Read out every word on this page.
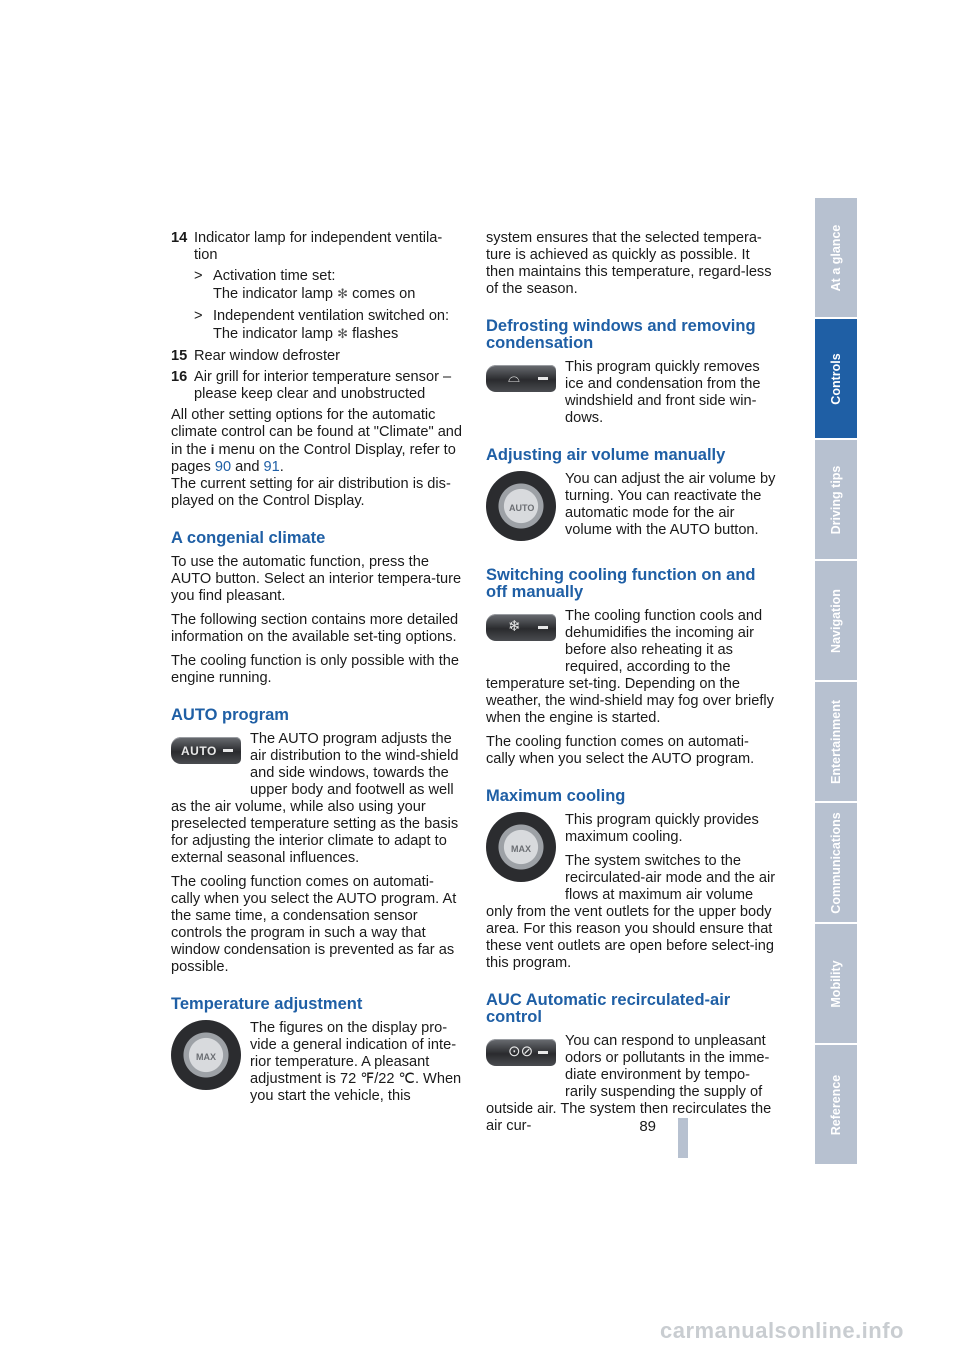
14 Indicator lamp for independent ventila-tion
> Activation time set:
The indicator lamp ✻ comes on
> Independent ventilation switched on:
The indicator lamp ✻ flashes
15 Rear window defroster
16 Air grill for interior temperature sensor – please keep clear and unobstructed

All other setting options for the automatic climate control can be found at "Climate" and in the i menu on the Control Display, refer to pages 90 and 91.
The current setting for air distribution is dis-played on the Control Display.

A congenial climate

To use the automatic function, press the AUTO button. Select an interior tempera-ture you find pleasant.

The following section contains more detailed information on the available set-ting options.

The cooling function is only possible with the engine running.

AUTO program
AUTO

The AUTO program adjusts the air distribution to the wind-shield and side windows, towards the upper body and footwell as well as the air volume, while also using your preselected temperature setting as the basis for adjusting the interior climate to adapt to external seasonal influences.

The cooling function comes on automati-cally when you select the AUTO program. At the same time, a condensation sensor controls the program in such a way that window condensation is prevented as far as possible.

Temperature adjustment
MAX

The figures on the display pro-vide a general indication of inte-rior temperature. A pleasant adjustment is 72 ℉/22 ℃. When you start the vehicle, this

system ensures that the selected tempera-ture is achieved as quickly as possible. It then maintains this temperature, regard-less of the season.

Defrosting windows and removing condensation
⌓

This program quickly removes ice and condensation from the windshield and front side win-dows.

Adjusting air volume manually
AUTO

You can adjust the air volume by turning. You can reactivate the automatic mode for the air volume with the AUTO button.

Switching cooling function on and off manually
❄

The cooling function cools and dehumidifies the incoming air before also reheating it as required, according to the temperature set-ting. Depending on the weather, the wind-shield may fog over briefly when the engine is started.

The cooling function comes on automati-cally when you select the AUTO program.

Maximum cooling
MAX

This program quickly provides maximum cooling.

The system switches to the recirculated-air mode and the air flows at maximum air volume only from the vent outlets for the upper body area. For this reason you should ensure that these vent outlets are open before select-ing this program.

AUC Automatic recirculated-air control
⊙⊘

You can respond to unpleasant odors or pollutants in the imme-diate environment by tempo-rarily suspending the supply of outside air. The system then recirculates the air cur-

At a glance
Controls
Driving tips
Navigation
Entertainment
Communications
Mobility
Reference
89
carmanualsonline.info
